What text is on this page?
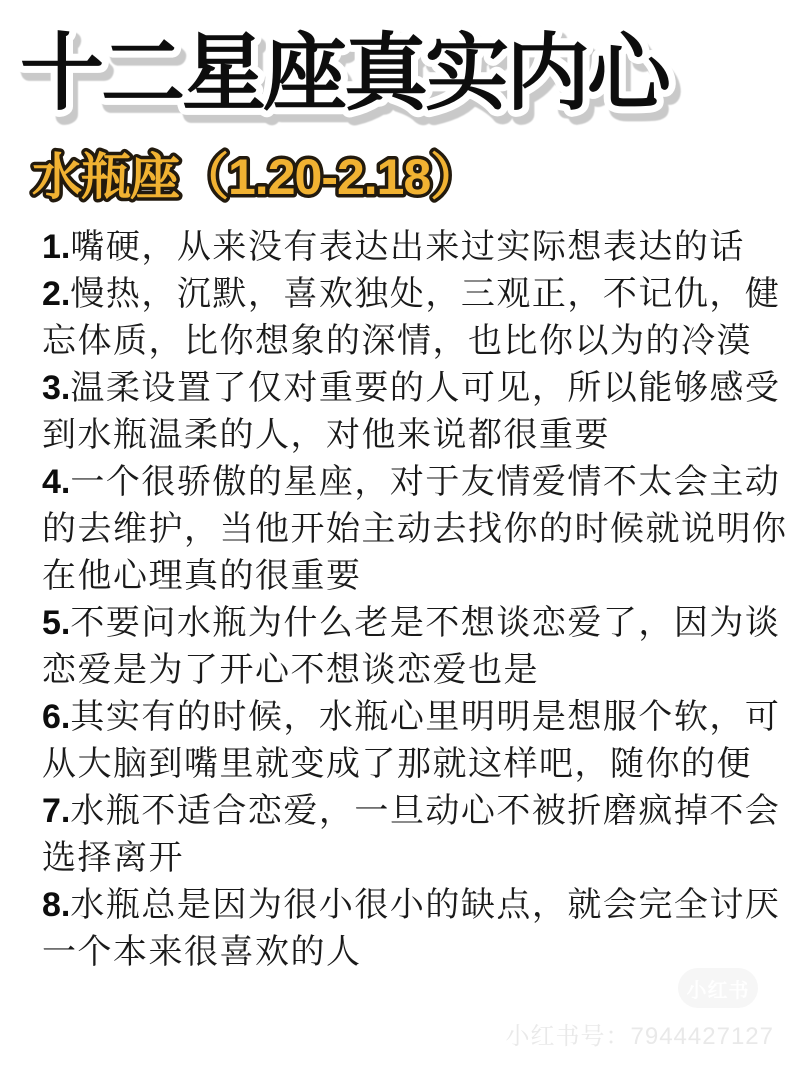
十二星座真实内心
水瓶座（1.20-2.18）

1.嘴硬，从来没有表达出来过实际想表达的话

2.慢热，沉默，喜欢独处，三观正，不记仇，健忘体质，比你想象的深情，也比你以为的冷漠

3.温柔设置了仅对重要的人可见，所以能够感受到水瓶温柔的人，对他来说都很重要

4.一个很骄傲的星座，对于友情爱情不太会主动的去维护，当他开始主动去找你的时候就说明你在他心理真的很重要

5.不要问水瓶为什么老是不想谈恋爱了，因为谈恋爱是为了开心不想谈恋爱也是

6.其实有的时候，水瓶心里明明是想服个软，可从大脑到嘴里就变成了那就这样吧，随你的便

7.水瓶不适合恋爱，一旦动心不被折磨疯掉不会选择离开

8.水瓶总是因为很小很小的缺点，就会完全讨厌一个本来很喜欢的人

小红书
小红书号：7944427127
